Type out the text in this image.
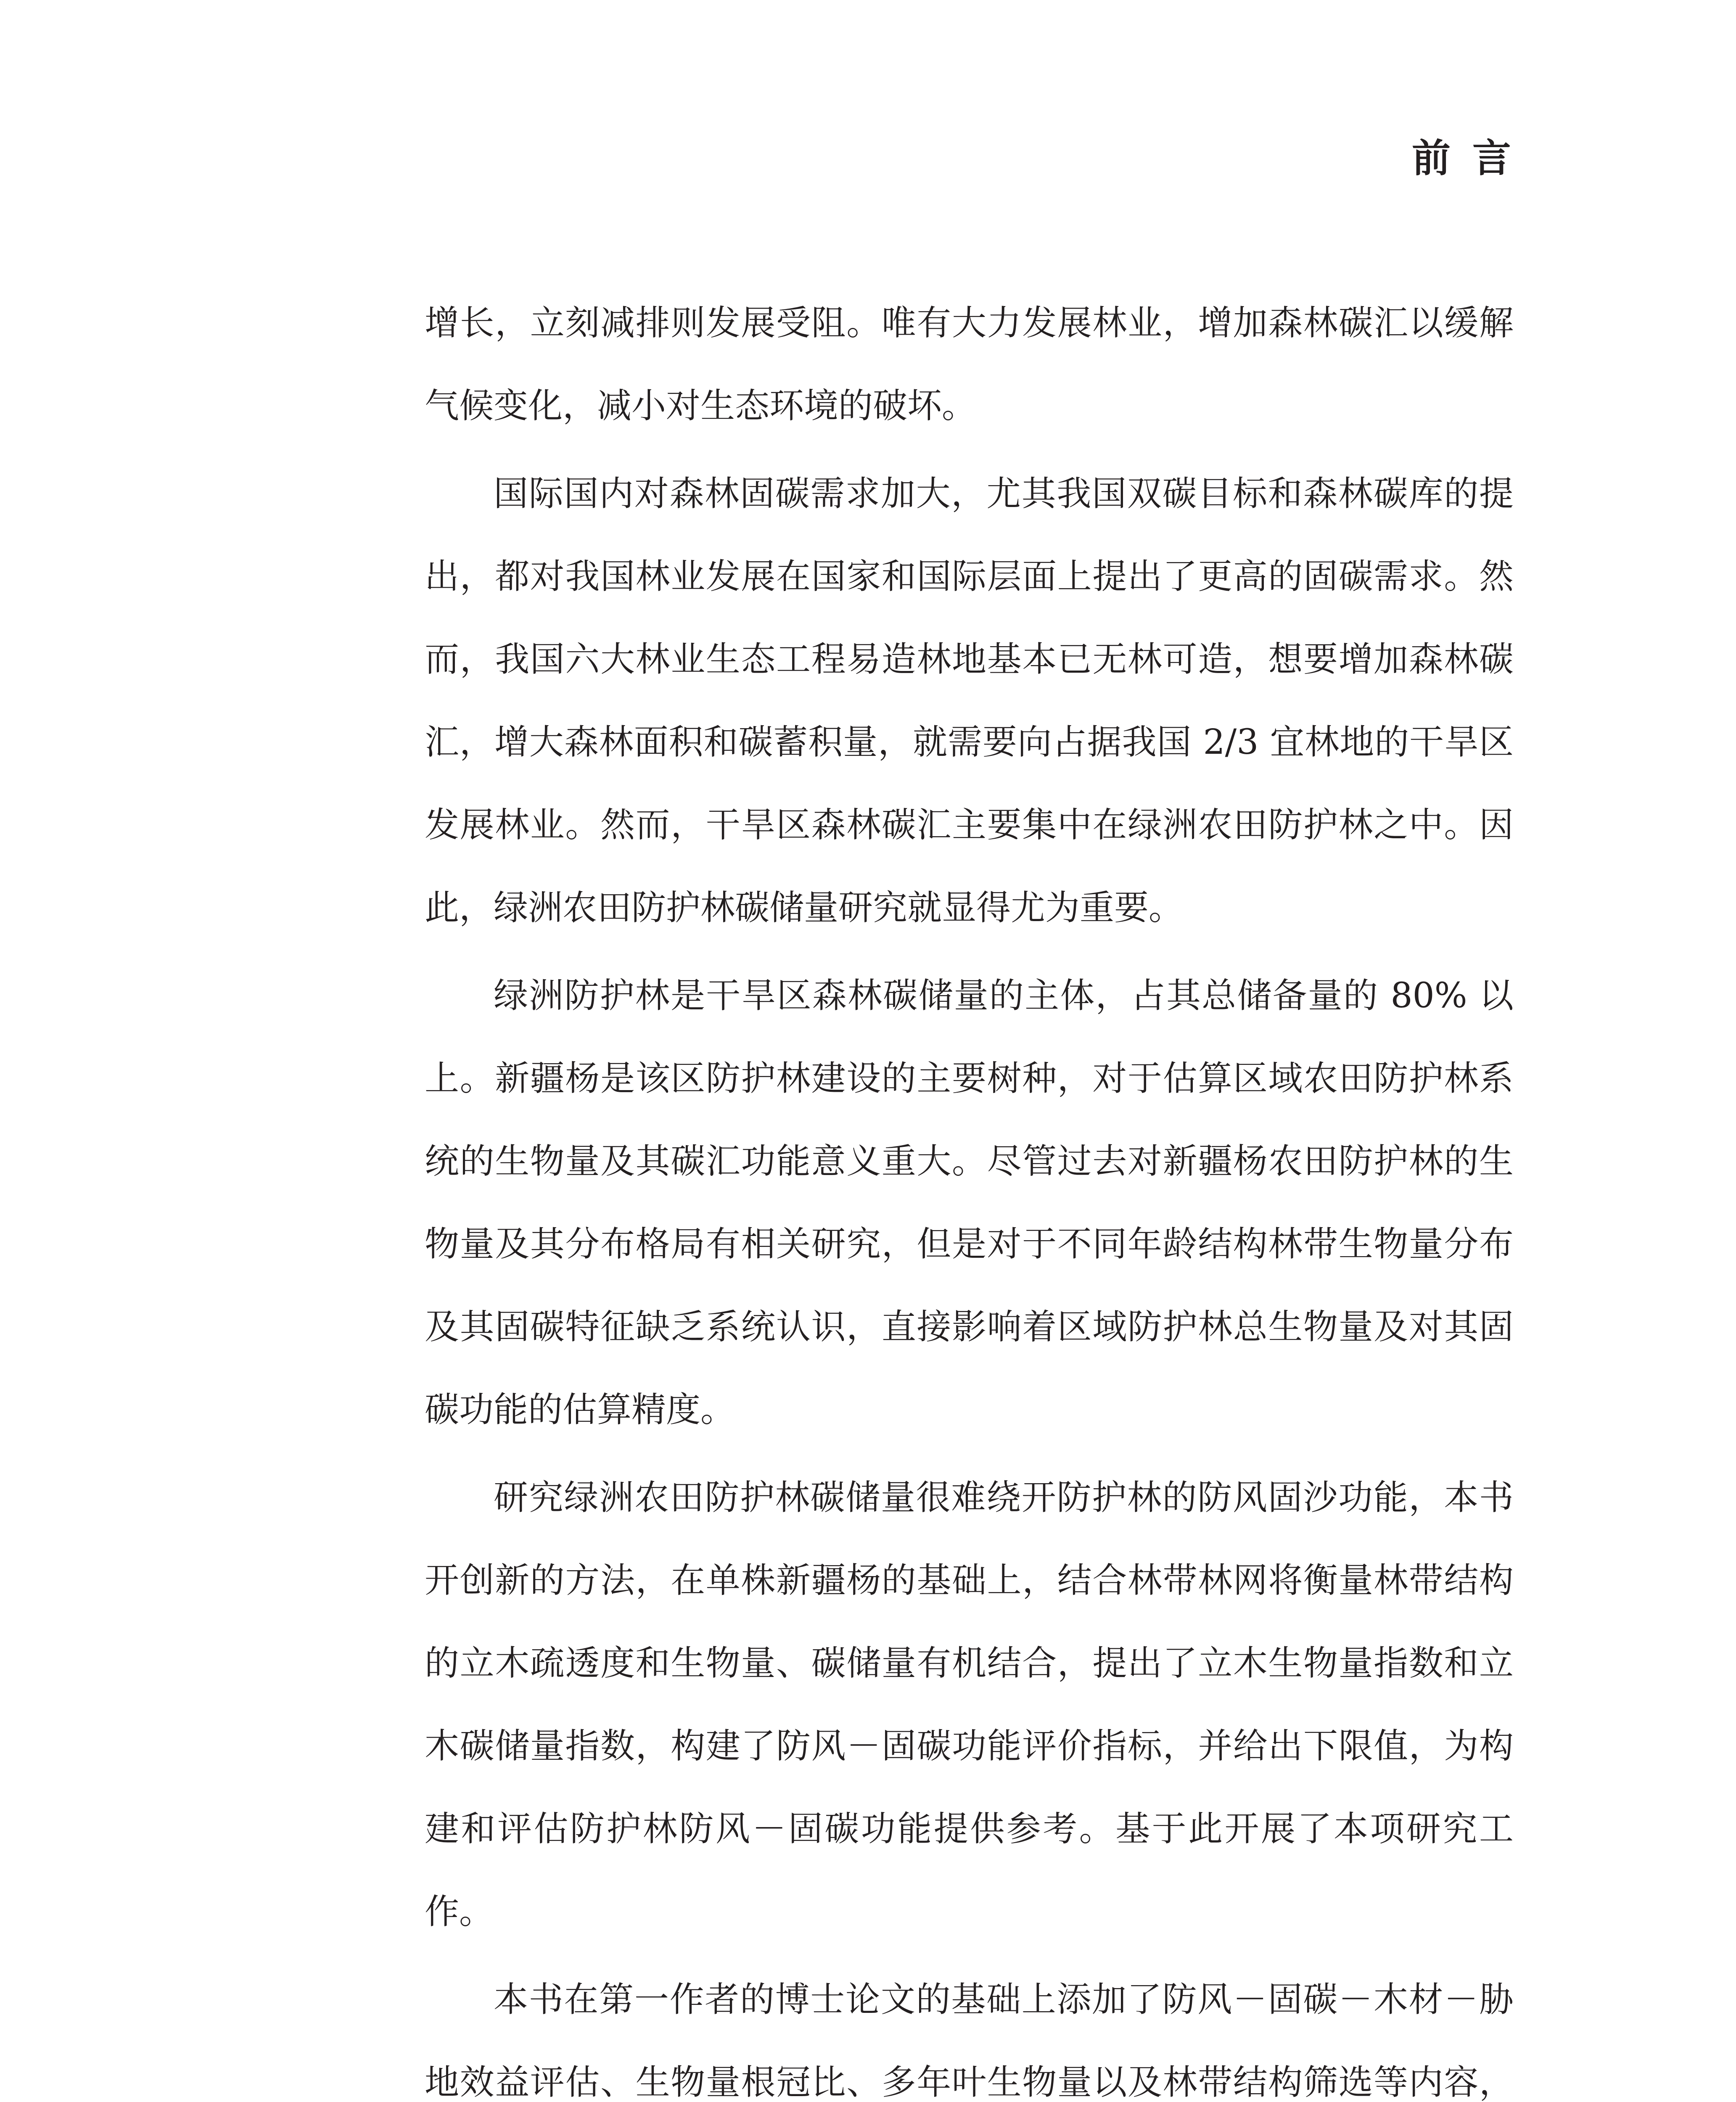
前言

增长，立刻减排则发展受阻。唯有大力发展林业，增加森林碳汇以缓解气候变化，减小对生态环境的破坏。

国际国内对森林固碳需求加大，尤其我国双碳目标和森林碳库的提出，都对我国林业发展在国家和国际层面上提出了更高的固碳需求。然而，我国六大林业生态工程易造林地基本已无林可造，想要增加森林碳汇，增大森林面积和碳蓄积量，就需要向占据我国 2/3 宜林地的干旱区发展林业。然而，干旱区森林碳汇主要集中在绿洲农田防护林之中。因此，绿洲农田防护林碳储量研究就显得尤为重要。

绿洲防护林是干旱区森林碳储量的主体，占其总储备量的 80% 以上。新疆杨是该区防护林建设的主要树种，对于估算区域农田防护林系统的生物量及其碳汇功能意义重大。尽管过去对新疆杨农田防护林的生物量及其分布格局有相关研究，但是对于不同年龄结构林带生物量分布及其固碳特征缺乏系统认识，直接影响着区域防护林总生物量及对其固碳功能的估算精度。

研究绿洲农田防护林碳储量很难绕开防护林的防风固沙功能，本书开创新的方法，在单株新疆杨的基础上，结合林带林网将衡量林带结构的立木疏透度和生物量、碳储量有机结合，提出了立木生物量指数和立木碳储量指数，构建了防风－固碳功能评价指标，并给出下限值，为构建和评估防护林防风－固碳功能提供参考。基于此开展了本项研究工作。

本书在第一作者的博士论文的基础上添加了防风－固碳－木材－胁地效益评估、生物量根冠比、多年叶生物量以及林带结构筛选等内容，
